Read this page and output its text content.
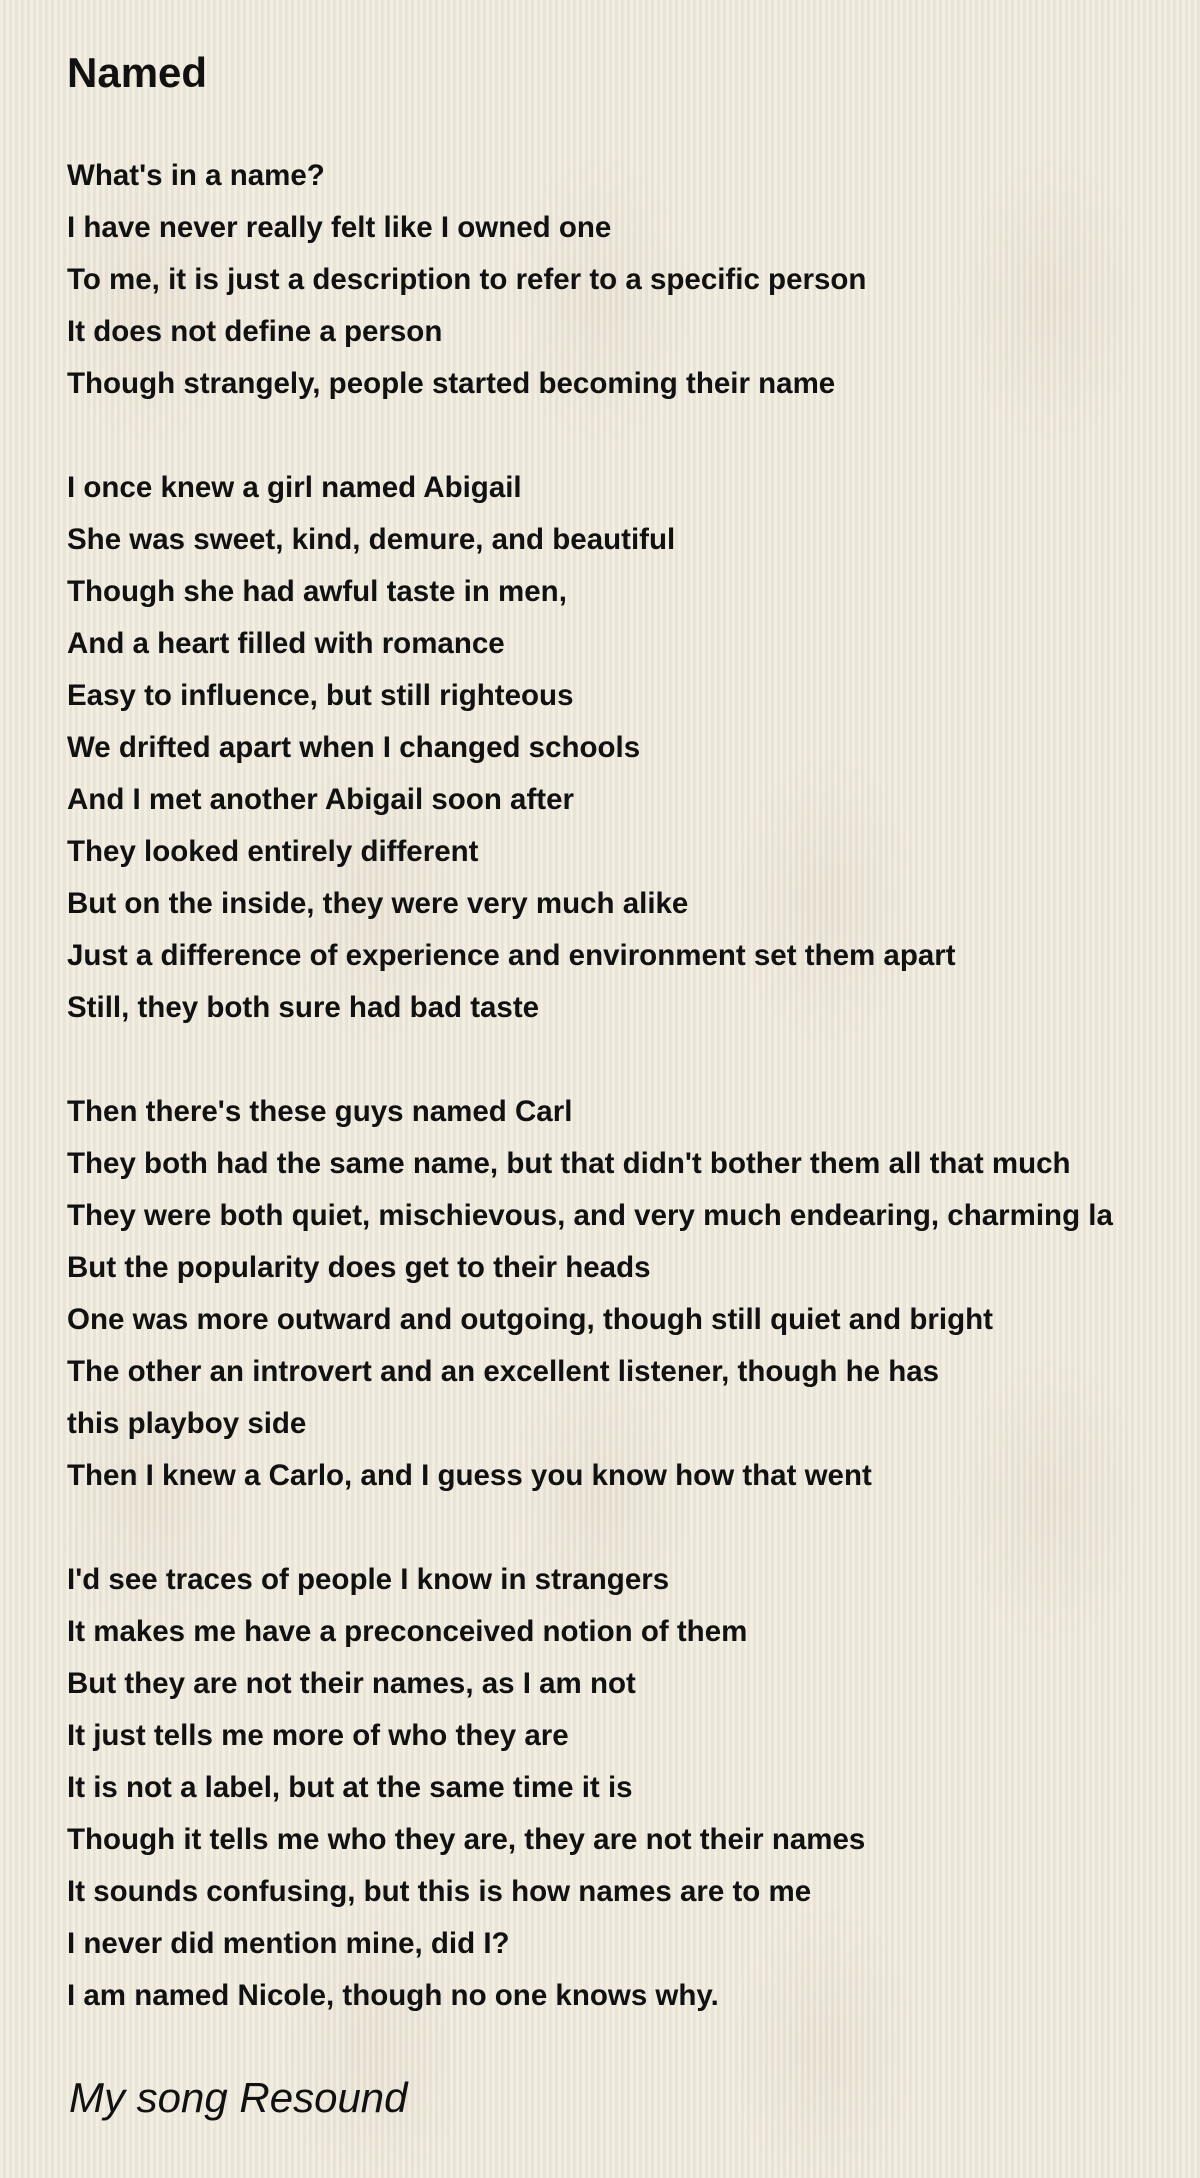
Named
What's in a name?
I have never really felt like I owned one
To me, it is just a description to refer to a specific person
It does not define a person
Though strangely, people started becoming their name
I once knew a girl named Abigail
She was sweet, kind, demure, and beautiful
Though she had awful taste in men,
And a heart filled with romance
Easy to influence, but still righteous
We drifted apart when I changed schools
And I met another Abigail soon after
They looked entirely different
But on the inside, they were very much alike
Just a difference of experience and environment set them apart
Still, they both sure had bad taste
Then there's these guys named Carl
They both had the same name, but that didn't bother them all that much
They were both quiet, mischievous, and very much endearing, charming la
But the popularity does get to their heads
One was more outward and outgoing, though still quiet and bright
The other an introvert and an excellent listener, though he has
this playboy side
Then I knew a Carlo, and I guess you know how that went
I'd see traces of people I know in strangers
It makes me have a preconceived notion of them
But they are not their names, as I am not
It just tells me more of who they are
It is not a label, but at the same time it is
Though it tells me who they are, they are not their names
It sounds confusing, but this is how names are to me
I never did mention mine, did I?
I am named Nicole, though no one knows why.

My song Resound
